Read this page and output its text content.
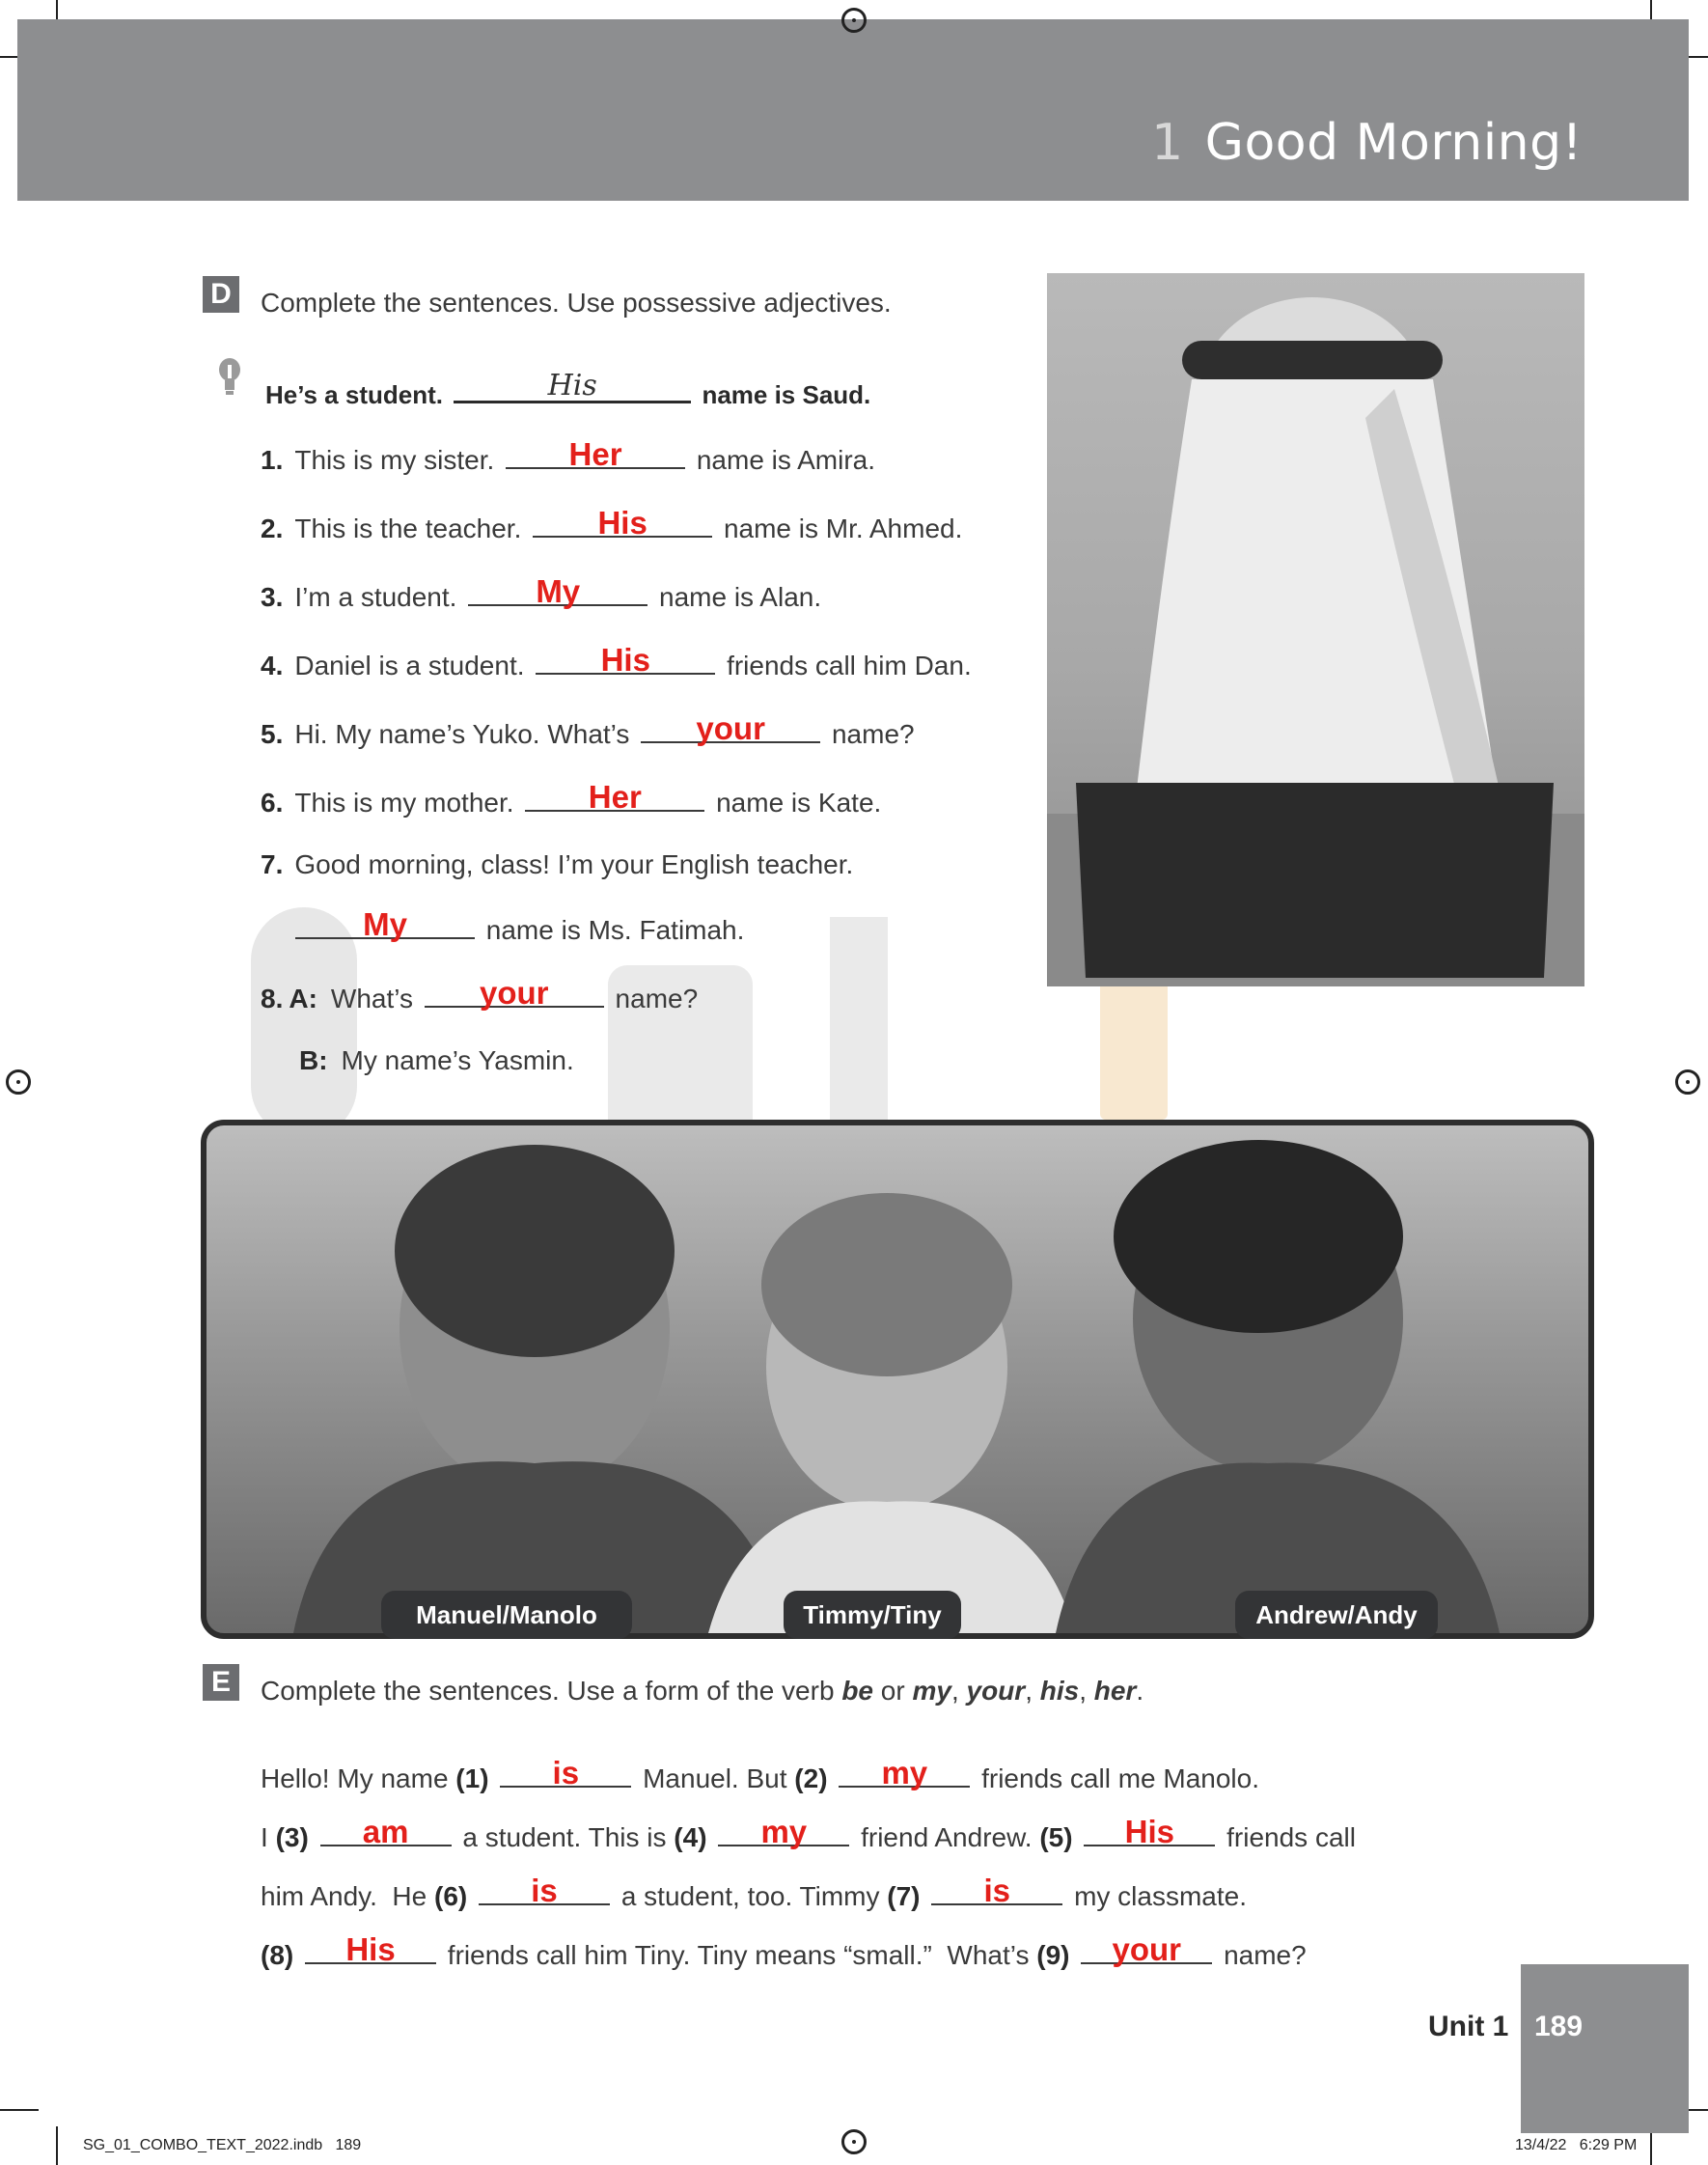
1 Good Morning!
D Complete the sentences. Use possessive adjectives.
He’s a student.	His	name is Saud.
1. This is my sister.	Her	name is Amira.
2. This is the teacher.	His	name is Mr. Ahmed.
3. I’m a student.	My	name is Alan.
4. Daniel is a student.	His	friends call him Dan.
5. Hi. My name’s Yuko. What’s	your	name?
6. This is my mother.	Her	name is Kate.
7. Good morning, class! I’m your English teacher.
My	name is Ms. Fatimah.
8. A: What’s	your	name?
B: My name’s Yasmin.
Manuel/Manolo	Timmy/Tiny	Andrew/Andy
E	Complete the sentences. Use a form of the verb be or my, your, his, her.
Hello! My name (1)	is	Manuel. But (2)	my	friends call me Manolo.
I (3)	am	a student. This is (4)	my	friend Andrew. (5)	His	friends call
him Andy.  He (6)	is	a student, too. Timmy (7)	is	my classmate.
(8)	His	friends call him Tiny. Tiny means “small.”  What’s (9)	your	name?
Unit 1 189
SG_01_COMBO_TEXT_2022.indb   189	13/4/22   6:29 PM
